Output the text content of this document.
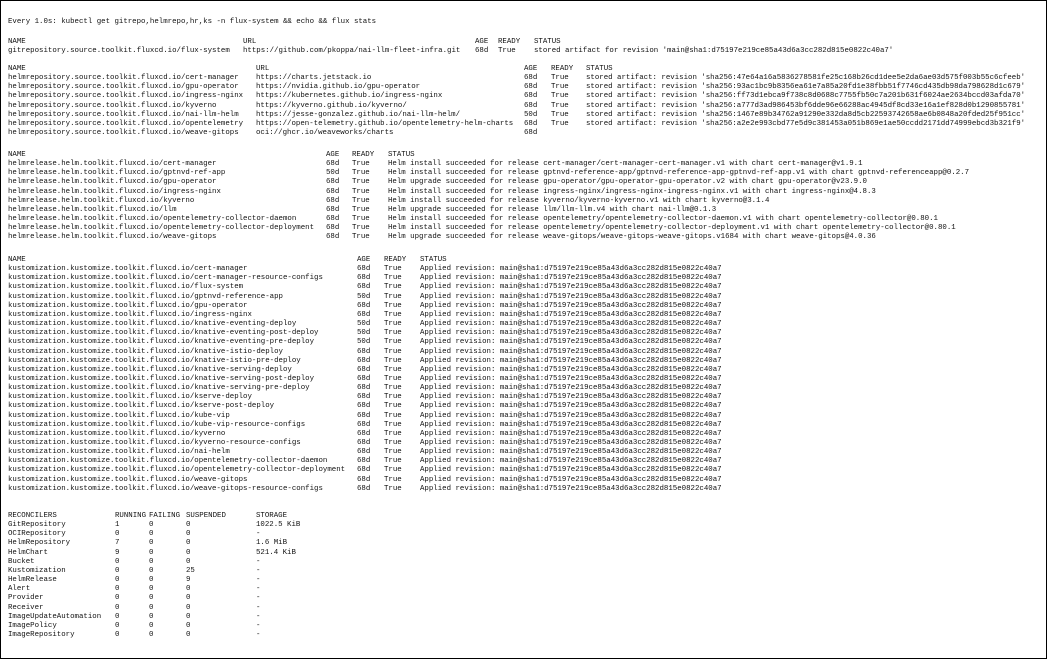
Every 1.0s: kubectl get gitrepo,helmrepo,hr,ks -n flux-system && echo && flux stats
NAME	URL	AGE READY STATUS
gitrepository.source.toolkit.fluxcd.io/flux-system https://github.com/pkoppa/nai-llm-fleet-infra.git 68d True stored artifact for revision 'main@sha1:d75197e219ce85a43d6a3cc282d815e0822c40a7'
NAME	URL	AGE READY STATUS
helmrepository.source.toolkit.fluxcd.io/cert-manager https://charts.jetstack.io	68d True stored artifact: revision 'sha256:47e64a16a5836278581fe25c168b26cd1dee5e2da6ae03d575f003b55c6cfeeb'
helmrepository.source.toolkit.fluxcd.io/gpu-operator https://nvidia.github.io/gpu-operator	68d True stored artifact: revision 'sha256:93ac1bc9b8356ea61e7a85a20fd1e38fbb51f7746cd435db98da798628d1c679'
helmrepository.source.toolkit.fluxcd.io/ingress-nginx https://kubernetes.github.io/ingress-nginx	68d True stored artifact: revision 'sha256:ff73d1ebca9f738c8d0688c7755fb50c7a201b631f6024ae2634bccd03afda70'
helmrepository.source.toolkit.fluxcd.io/kyverno	https://kyverno.github.io/kyverno/	68d True stored artifact: revision 'sha256:a777d3ad986453bf6dde96e66288ac4945df8cd33e16a1ef828d0b1290855781'
helmrepository.source.toolkit.fluxcd.io/nai-llm-helm https://jesse-gonzalez.github.io/nai-llm-helm/	50d True stored artifact: revision 'sha256:1467e89b34762a91290e332da8d5cb22593742658ae6b0848a20fded25f951cc'
helmrepository.source.toolkit.fluxcd.io/opentelemetry https://open-telemetry.github.io/opentelemetry-helm-charts 68d True stored artifact: revision 'sha256:a2e2e993cbd77e5d9c381453a051b869e1ae50ccdd2171dd74999ebcd3b321f9'
helmrepository.source.toolkit.fluxcd.io/weave-gitops oci://ghcr.io/weaveworks/charts	68d
NAME	AGE READY STATUS
helmrelease.helm.toolkit.fluxcd.io/cert-manager	68d True Helm install succeeded for release cert-manager/cert-manager-cert-manager.v1 with chart cert-manager@v1.9.1
helmrelease.helm.toolkit.fluxcd.io/gptnvd-ref-app	50d True Helm install succeeded for release gptnvd-reference-app/gptnvd-reference-app-gptnvd-ref-app.v1 with chart gptnvd-referenceapp@0.2.7
helmrelease.helm.toolkit.fluxcd.io/gpu-operator	68d True Helm upgrade succeeded for release gpu-operator/gpu-operator-gpu-operator.v2 with chart gpu-operator@v23.9.0
helmrelease.helm.toolkit.fluxcd.io/ingress-nginx	68d True Helm install succeeded for release ingress-nginx/ingress-nginx-ingress-nginx.v1 with chart ingress-nginx@4.8.3
helmrelease.helm.toolkit.fluxcd.io/kyverno	68d True Helm install succeeded for release kyverno/kyverno-kyverno.v1 with chart kyverno@3.1.4
helmrelease.helm.toolkit.fluxcd.io/llm	68d True Helm upgrade succeeded for release llm/llm-llm.v4 with chart nai-llm@0.1.3
helmrelease.helm.toolkit.fluxcd.io/opentelemetry-collector-daemon	68d True Helm install succeeded for release opentelemetry/opentelemetry-collector-daemon.v1 with chart opentelemetry-collector@0.80.1
helmrelease.helm.toolkit.fluxcd.io/opentelemetry-collector-deployment 68d True Helm install succeeded for release opentelemetry/opentelemetry-collector-deployment.v1 with chart opentelemetry-collector@0.80.1
helmrelease.helm.toolkit.fluxcd.io/weave-gitops	68d True Helm upgrade succeeded for release weave-gitops/weave-gitops-weave-gitops.v1684 with chart weave-gitops@4.0.36
NAME	AGE READY STATUS
kustomization.kustomize.toolkit.fluxcd.io/cert-manager	68d True Applied revision: main@sha1:d75197e219ce85a43d6a3cc282d815e0822c40a7
kustomization.kustomize.toolkit.fluxcd.io/cert-manager-resource-configs	68d True Applied revision: main@sha1:d75197e219ce85a43d6a3cc282d815e0822c40a7
kustomization.kustomize.toolkit.fluxcd.io/flux-system	68d True Applied revision: main@sha1:d75197e219ce85a43d6a3cc282d815e0822c40a7
kustomization.kustomize.toolkit.fluxcd.io/gptnvd-reference-app	50d True Applied revision: main@sha1:d75197e219ce85a43d6a3cc282d815e0822c40a7
kustomization.kustomize.toolkit.fluxcd.io/gpu-operator	68d True Applied revision: main@sha1:d75197e219ce85a43d6a3cc282d815e0822c40a7
kustomization.kustomize.toolkit.fluxcd.io/ingress-nginx	68d True Applied revision: main@sha1:d75197e219ce85a43d6a3cc282d815e0822c40a7
kustomization.kustomize.toolkit.fluxcd.io/knative-eventing-deploy	50d True Applied revision: main@sha1:d75197e219ce85a43d6a3cc282d815e0822c40a7
kustomization.kustomize.toolkit.fluxcd.io/knative-eventing-post-deploy	50d True Applied revision: main@sha1:d75197e219ce85a43d6a3cc282d815e0822c40a7
kustomization.kustomize.toolkit.fluxcd.io/knative-eventing-pre-deploy	50d True Applied revision: main@sha1:d75197e219ce85a43d6a3cc282d815e0822c40a7
kustomization.kustomize.toolkit.fluxcd.io/knative-istio-deploy	68d True Applied revision: main@sha1:d75197e219ce85a43d6a3cc282d815e0822c40a7
kustomization.kustomize.toolkit.fluxcd.io/knative-istio-pre-deploy	68d True Applied revision: main@sha1:d75197e219ce85a43d6a3cc282d815e0822c40a7
kustomization.kustomize.toolkit.fluxcd.io/knative-serving-deploy	68d True Applied revision: main@sha1:d75197e219ce85a43d6a3cc282d815e0822c40a7
kustomization.kustomize.toolkit.fluxcd.io/knative-serving-post-deploy	68d True Applied revision: main@sha1:d75197e219ce85a43d6a3cc282d815e0822c40a7
kustomization.kustomize.toolkit.fluxcd.io/knative-serving-pre-deploy	68d True Applied revision: main@sha1:d75197e219ce85a43d6a3cc282d815e0822c40a7
kustomization.kustomize.toolkit.fluxcd.io/kserve-deploy	68d True Applied revision: main@sha1:d75197e219ce85a43d6a3cc282d815e0822c40a7
kustomization.kustomize.toolkit.fluxcd.io/kserve-post-deploy	68d True Applied revision: main@sha1:d75197e219ce85a43d6a3cc282d815e0822c40a7
kustomization.kustomize.toolkit.fluxcd.io/kube-vip	68d True Applied revision: main@sha1:d75197e219ce85a43d6a3cc282d815e0822c40a7
kustomization.kustomize.toolkit.fluxcd.io/kube-vip-resource-configs	68d True Applied revision: main@sha1:d75197e219ce85a43d6a3cc282d815e0822c40a7
kustomization.kustomize.toolkit.fluxcd.io/kyverno	68d True Applied revision: main@sha1:d75197e219ce85a43d6a3cc282d815e0822c40a7
kustomization.kustomize.toolkit.fluxcd.io/kyverno-resource-configs	68d True Applied revision: main@sha1:d75197e219ce85a43d6a3cc282d815e0822c40a7
kustomization.kustomize.toolkit.fluxcd.io/nai-helm	68d True Applied revision: main@sha1:d75197e219ce85a43d6a3cc282d815e0822c40a7
kustomization.kustomize.toolkit.fluxcd.io/opentelemetry-collector-daemon	68d True Applied revision: main@sha1:d75197e219ce85a43d6a3cc282d815e0822c40a7
kustomization.kustomize.toolkit.fluxcd.io/opentelemetry-collector-deployment 68d True Applied revision: main@sha1:d75197e219ce85a43d6a3cc282d815e0822c40a7
kustomization.kustomize.toolkit.fluxcd.io/weave-gitops	68d True Applied revision: main@sha1:d75197e219ce85a43d6a3cc282d815e0822c40a7
kustomization.kustomize.toolkit.fluxcd.io/weave-gitops-resource-configs	68d True Applied revision: main@sha1:d75197e219ce85a43d6a3cc282d815e0822c40a7
RECONCILERS	RUNNING FAILING SUSPENDED	STORAGE
GitRepository	1	0	0	1022.5 KiB
OCIRepository	0	0	0	-
HelmRepository	7	0	0	1.6 MiB
HelmChart	9	0	0	521.4 KiB
Bucket	0	0	0	-
Kustomization	0	0	25	-
HelmRelease	0	0	9	-
Alert	0	0	0	-
Provider	0	0	0	-
Receiver	0	0	0	-
ImageUpdateAutomation 0	0	0	-
ImagePolicy	0	0	0	-
ImageRepository	0	0	0	-
